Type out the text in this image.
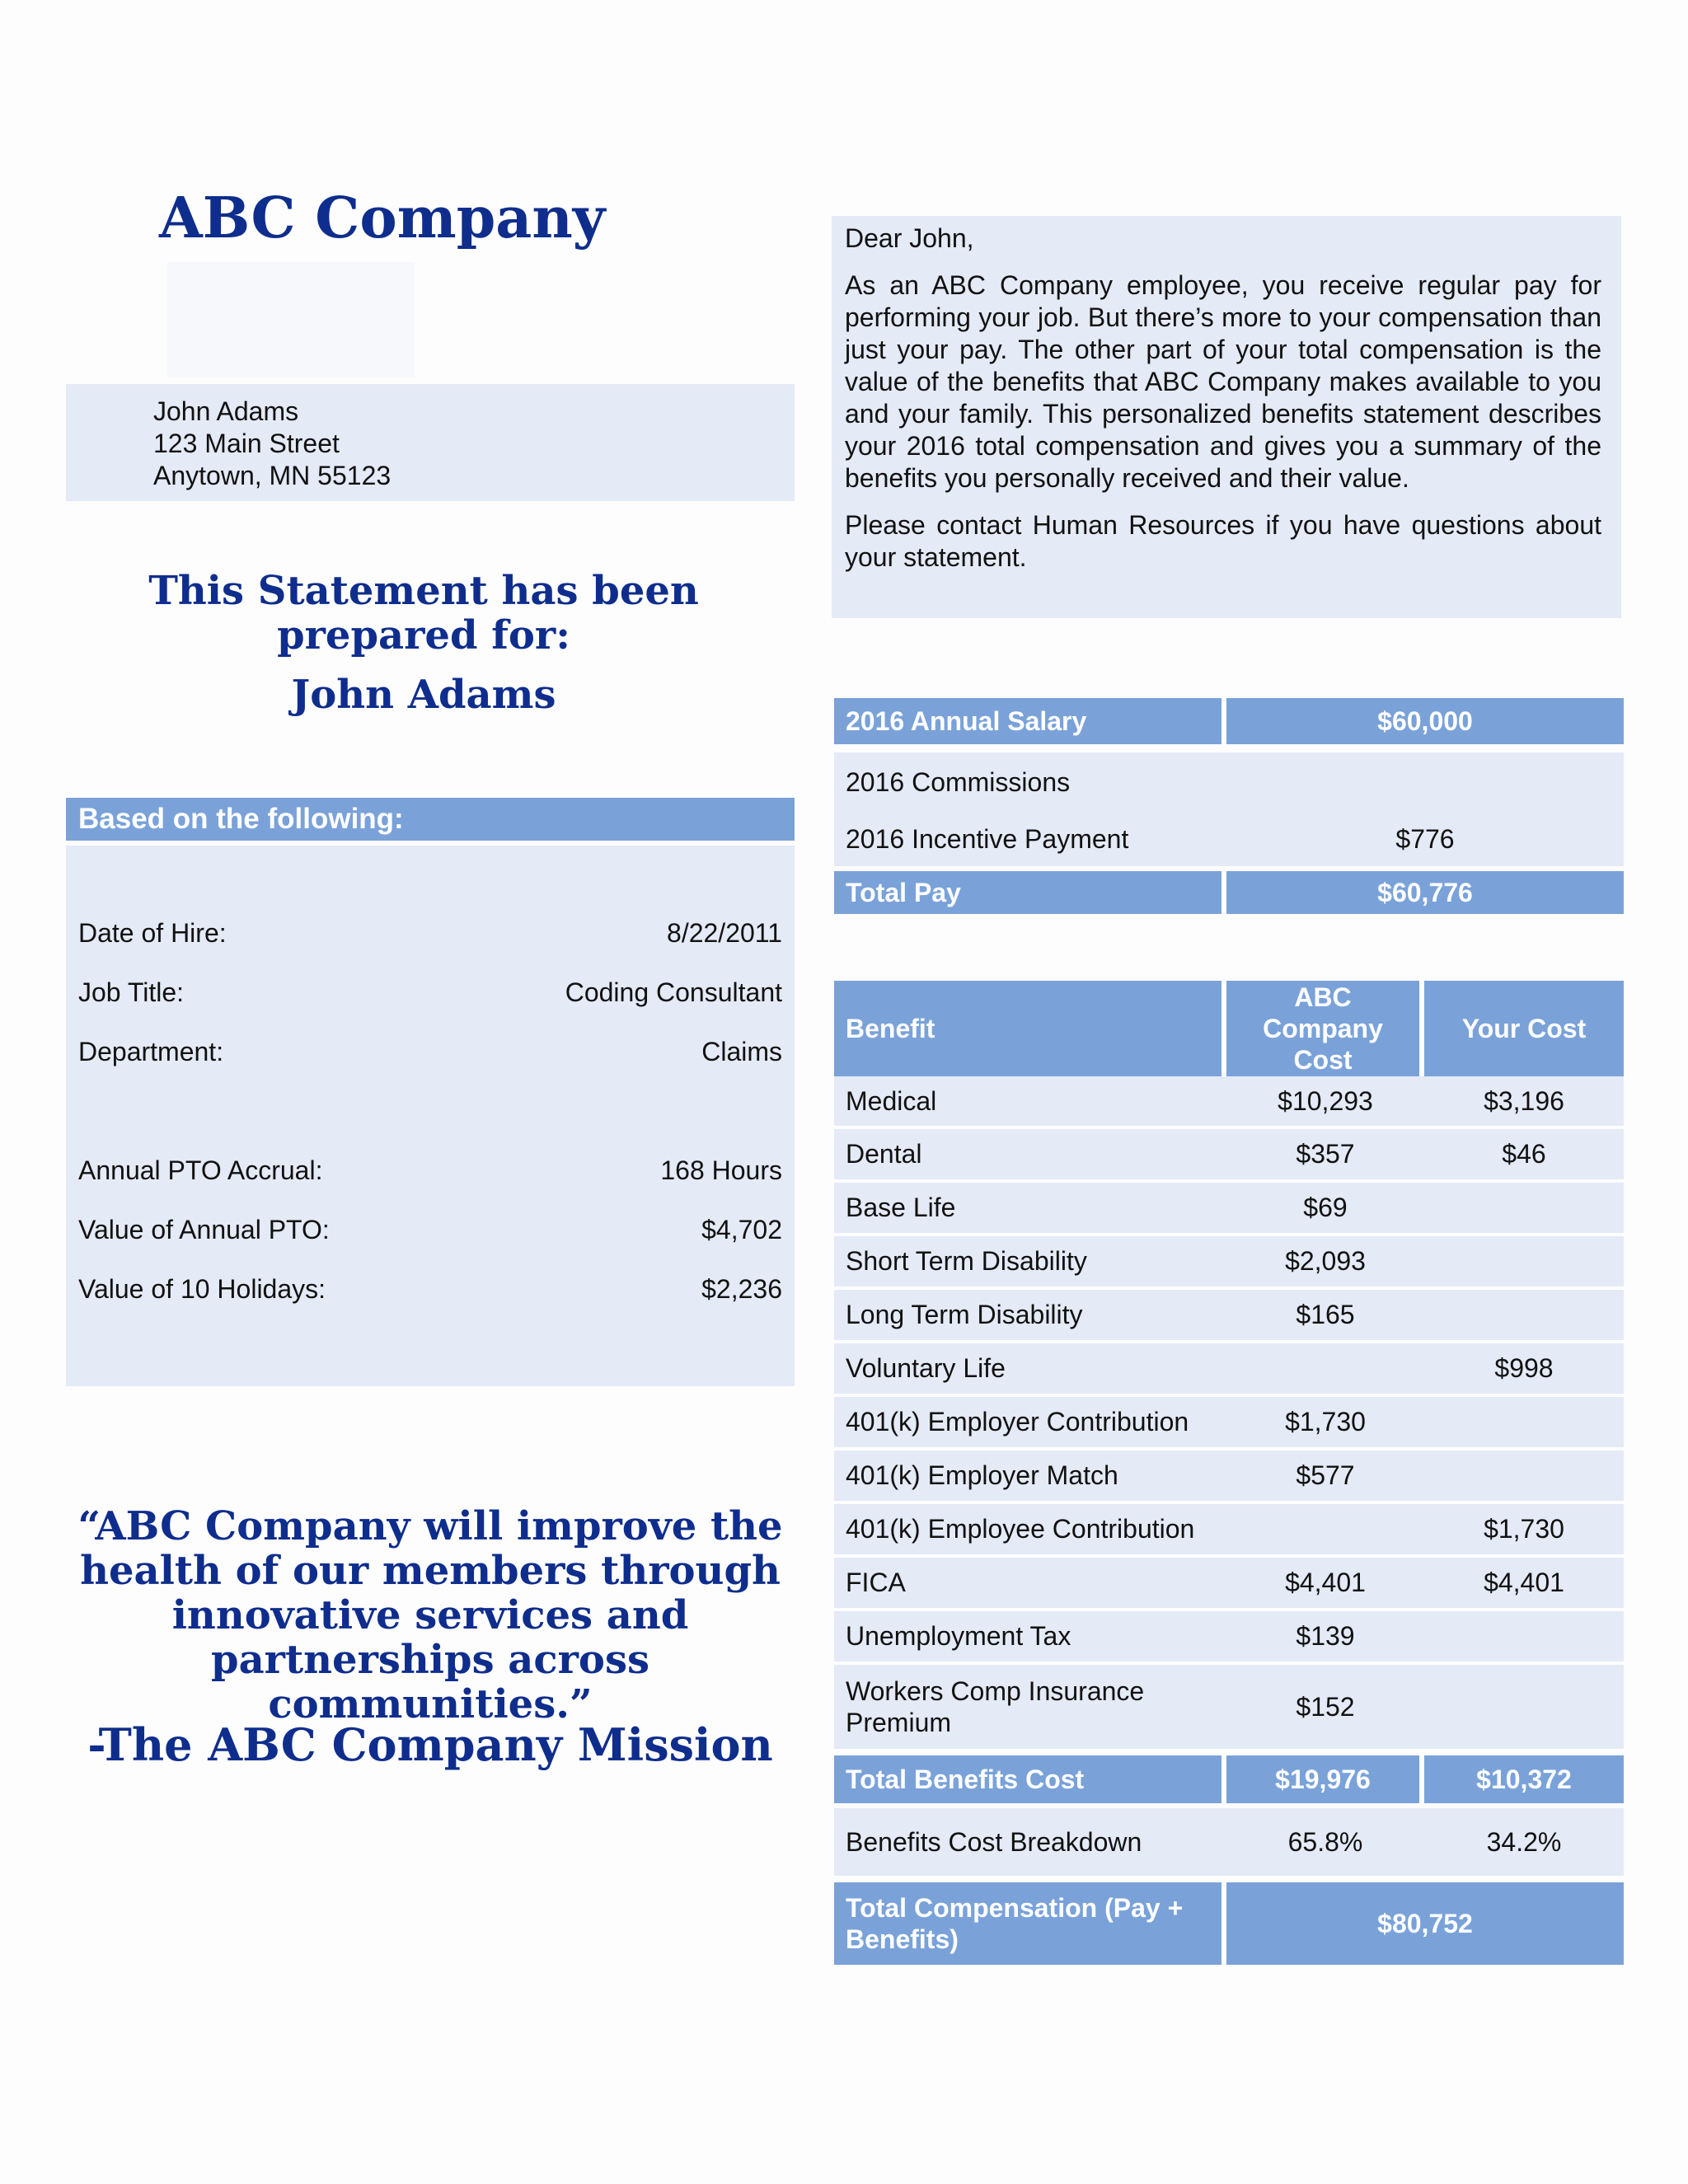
ABC Company
John Adams
123 Main Street
Anytown, MN 55123
This Statement has been prepared for:
John Adams
Based on the following:
Date of Hire:	8/22/2011
Job Title:	Coding Consultant
Department:	Claims
Annual PTO Accrual:	168 Hours
Value of Annual PTO:	$4,702
Value of 10 Holidays:	$2,236
“ABC Company will improve the health of our members through innovative services and partnerships across communities.”
-The ABC Company Mission

Dear John,

As an ABC Company employee, you receive regular pay for performing your job. But there’s more to your compensation than just your pay. The other part of your total compensation is the value of the benefits that ABC Company makes available to you and your family. This personalized benefits statement describes your 2016 total compensation and gives you a summary of the benefits you personally received and their value.

Please contact Human Resources if you have questions about your statement.

2016 Annual Salary	$60,000

2016 Commissions	
2016 Incentive Payment	$776

Total Pay	$60,776
Benefit	ABC Company Cost	Your Cost
Medical	$10,293	$3,196
Dental	$357	$46
Base Life	$69	
Short Term Disability	$2,093	
Long Term Disability	$165	
Voluntary Life		$998
401(k) Employer Contribution	$1,730	
401(k) Employer Match	$577	
401(k) Employee Contribution		$1,730
FICA	$4,401	$4,401
Unemployment Tax	$139	
Workers Comp Insurance Premium	$152	

Total Benefits Cost	$19,976	$10,372

Benefits Cost Breakdown	65.8%	34.2%

Total Compensation (Pay + Benefits)	$80,752	
